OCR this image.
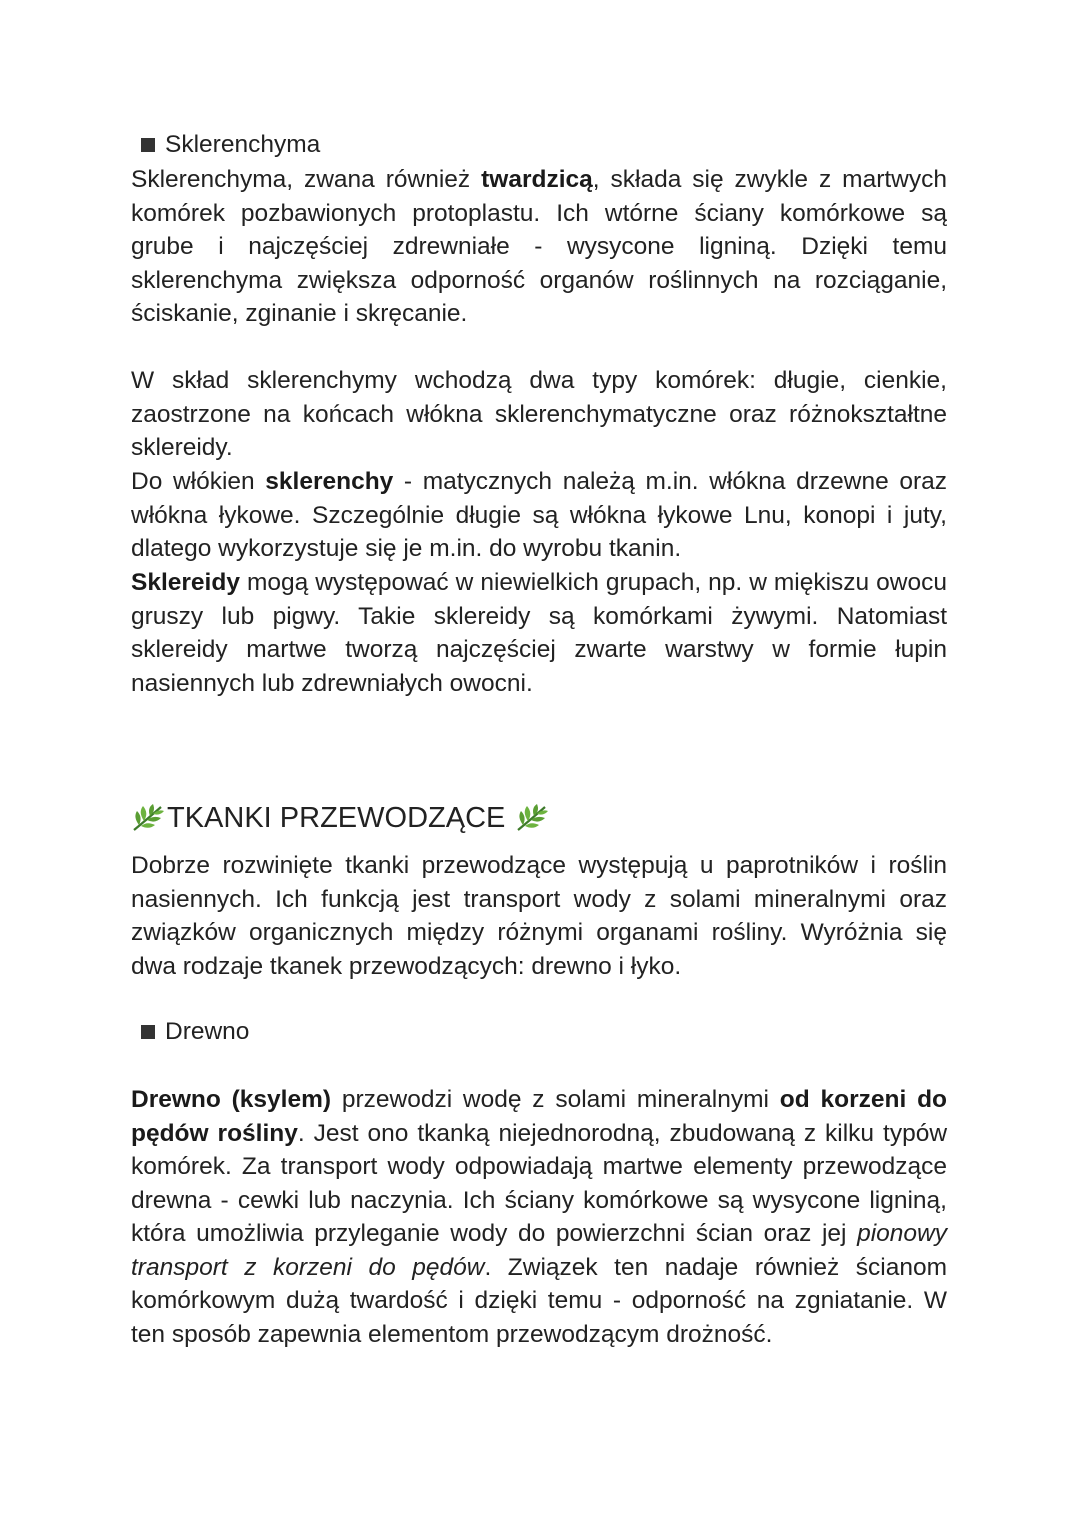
Sklerenchyma

Sklerenchyma, zwana również twardzicą, składa się zwykle z martwych komórek pozbawionych protoplastu. Ich wtórne ściany komórkowe są grube i najczęściej zdrewniałe - wysycone ligniną. Dzięki temu sklerenchyma zwiększa odporność organów roślinnych na rozciąganie, ściskanie, zginanie i skręcanie.

W skład sklerenchymy wchodzą dwa typy komórek: długie, cienkie, zaostrzone na końcach włókna sklerenchymatyczne oraz różnokształtne sklereidy.

Do włókien sklerenchy - matycznych należą m.in. włókna drzewne oraz włókna łykowe. Szczególnie długie są włókna łykowe Lnu, konopi i juty, dlatego wykorzystuje się je m.in. do wyrobu tkanin.

Sklereidy mogą występować w niewielkich grupach, np. w miękiszu owocu gruszy lub pigwy. Takie sklereidy są komórkami żywymi. Natomiast sklereidy martwe tworzą najczęściej zwarte warstwy w formie łupin nasiennych lub zdrewniałych owocni.

TKANKI PRZEWODZĄCE

Dobrze rozwinięte tkanki przewodzące występują u paprotników i roślin nasiennych. Ich funkcją jest transport wody z solami mineralnymi oraz związków organicznych między różnymi organami rośliny. Wyróżnia się dwa rodzaje tkanek przewodzących: drewno i łyko.

Drewno

Drewno (ksylem) przewodzi wodę z solami mineralnymi od korzeni do pędów rośliny. Jest ono tkanką niejednorodną, zbudowaną z kilku typów komórek. Za transport wody odpowiadają martwe elementy przewodzące drewna - cewki lub naczynia. Ich ściany komórkowe są wysycone ligniną, która umożliwia przyleganie wody do powierzchni ścian oraz jej pionowy transport z korzeni do pędów. Związek ten nadaje również ścianom komórkowym dużą twardość i dzięki temu - odporność na zgniatanie. W ten sposób zapewnia elementom przewodzącym drożność.
